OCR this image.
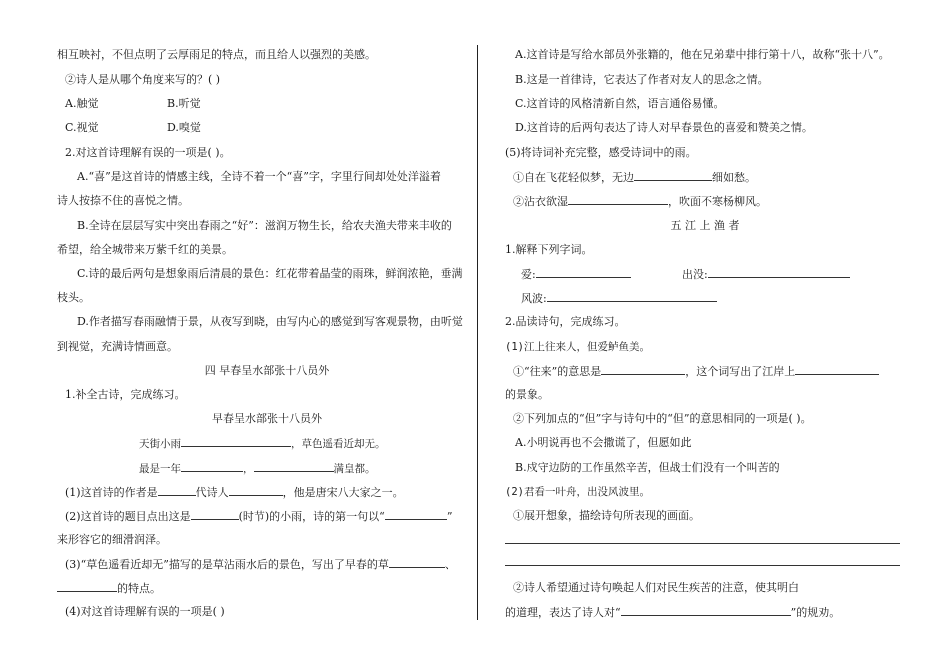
相互映衬，不但点明了云厚雨足的特点，而且给人以强烈的美感。
②诗人是从哪个角度来写的？( )
A.触觉	B.听觉
C.视觉	D.嗅觉
2.对这首诗理解有误的一项是( )。
A.“喜”是这首诗的情感主线，全诗不着一个“喜”字，字里行间却处处洋溢着
诗人按捺不住的喜悦之情。
B.全诗在层层写实中突出春雨之“好”：滋润万物生长，给农夫渔夫带来丰收的
希望，给全城带来万紫千红的美景。
C.诗的最后两句是想象雨后清晨的景色：红花带着晶莹的雨珠，鲜润浓艳，垂满
枝头。
D.作者描写春雨融情于景，从夜写到晓，由写内心的感觉到写客观景物，由听觉
到视觉，充满诗情画意。
四 早春呈水部张十八员外
1.补全古诗，完成练习。
早春呈水部张十八员外
天街小雨	，草色遥看近却无。
最是一年	，	满皇都。
(1)这首诗的作者是	代诗人	，他是唐宋八大家之一。
(2)这首诗的题目点出这是	(时节)的小雨，诗的第一句以“	”
来形容它的细滑润泽。
(3)“草色遥看近却无”描写的是草沾雨水后的景色，写出了早春的草	、
的特点。
(4)对这首诗理解有误的一项是( )
A.这首诗是写给水部员外张籍的，他在兄弟辈中排行第十八，故称“张十八”。
B.这是一首律诗，它表达了作者对友人的思念之情。
C.这首诗的风格清新自然，语言通俗易懂。
D.这首诗的后两句表达了诗人对早春景色的喜爱和赞美之情。
(5)将诗词补充完整，感受诗词中的雨。
①自在飞花轻似梦，无边	细如愁。
②沾衣欲湿	，吹面不寒杨柳风。
五 江 上 渔 者
1.解释下列字词。
爱:	出没:
风波:
2.品读诗句，完成练习。
(1)江上往来人，但爱鲈鱼美。
①“往来”的意思是	，这个词写出了江岸上
的景象。
②下列加点的“但”字与诗句中的“但”的意思相同的一项是( )。
A.小明说再也不会撒谎了，但愿如此
B.戍守边防的工作虽然辛苦，但战士们没有一个叫苦的
(2)君看一叶舟，出没风波里。
①展开想象，描绘诗句所表现的画面。
②诗人希望通过诗句唤起人们对民生疾苦的注意，使其明白
的道理，表达了诗人对“	”的规劝。
